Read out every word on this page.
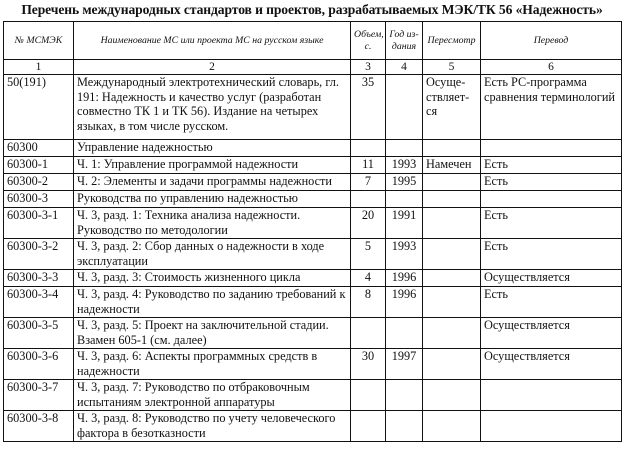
Перечень международных стандартов и проектов, разрабатываемых МЭК/ТК 56 «Надежность»
№ МСМЭК	Наименование МС или проекта МС на русском языке	Объем, с.	Год из-дания	Пересмотр	Перевод
1	2	3	4	5	6
50(191)	Международный электротехнический словарь, гл. 191: Надежность и качество услуг (разработан совместно ТК 1 и ТК 56). Издание на четырех языках, в том числе русском.	35		Осуще-ствляет-ся	Есть РС-программа сравнения терминологий
60300	Управление надежностью				
60300-1	Ч. 1: Управление программой надежности	11	1993	Намечен	Есть
60300-2	Ч. 2: Элементы и задачи программы надежности	7	1995		Есть
60300-3	Руководства по управлению надежностью				
60300-3-1	Ч. 3, разд. 1: Техника анализа надежности. Руководство по методологии	20	1991		Есть
60300-3-2	Ч. 3, разд. 2: Сбор данных о надежности в ходе эксплуатации	5	1993		Есть
60300-3-3	Ч. 3, разд. 3: Стоимость жизненного цикла	4	1996		Осуществляется
60300-3-4	Ч. 3, разд. 4: Руководство по заданию требований к надежности	8	1996		Есть
60300-3-5	Ч. 3, разд. 5: Проект на заключительной стадии. Взамен 605-1 (см. далее)				Осуществляется
60300-3-6	Ч. 3, разд. 6: Аспекты программных средств в надежности	30	1997		Осуществляется
60300-3-7	Ч. 3, разд. 7: Руководство по отбраковочным испытаниям электронной аппаратуры				
60300-3-8	Ч. 3, разд. 8: Руководство по учету человеческого фактора в безотказности				
